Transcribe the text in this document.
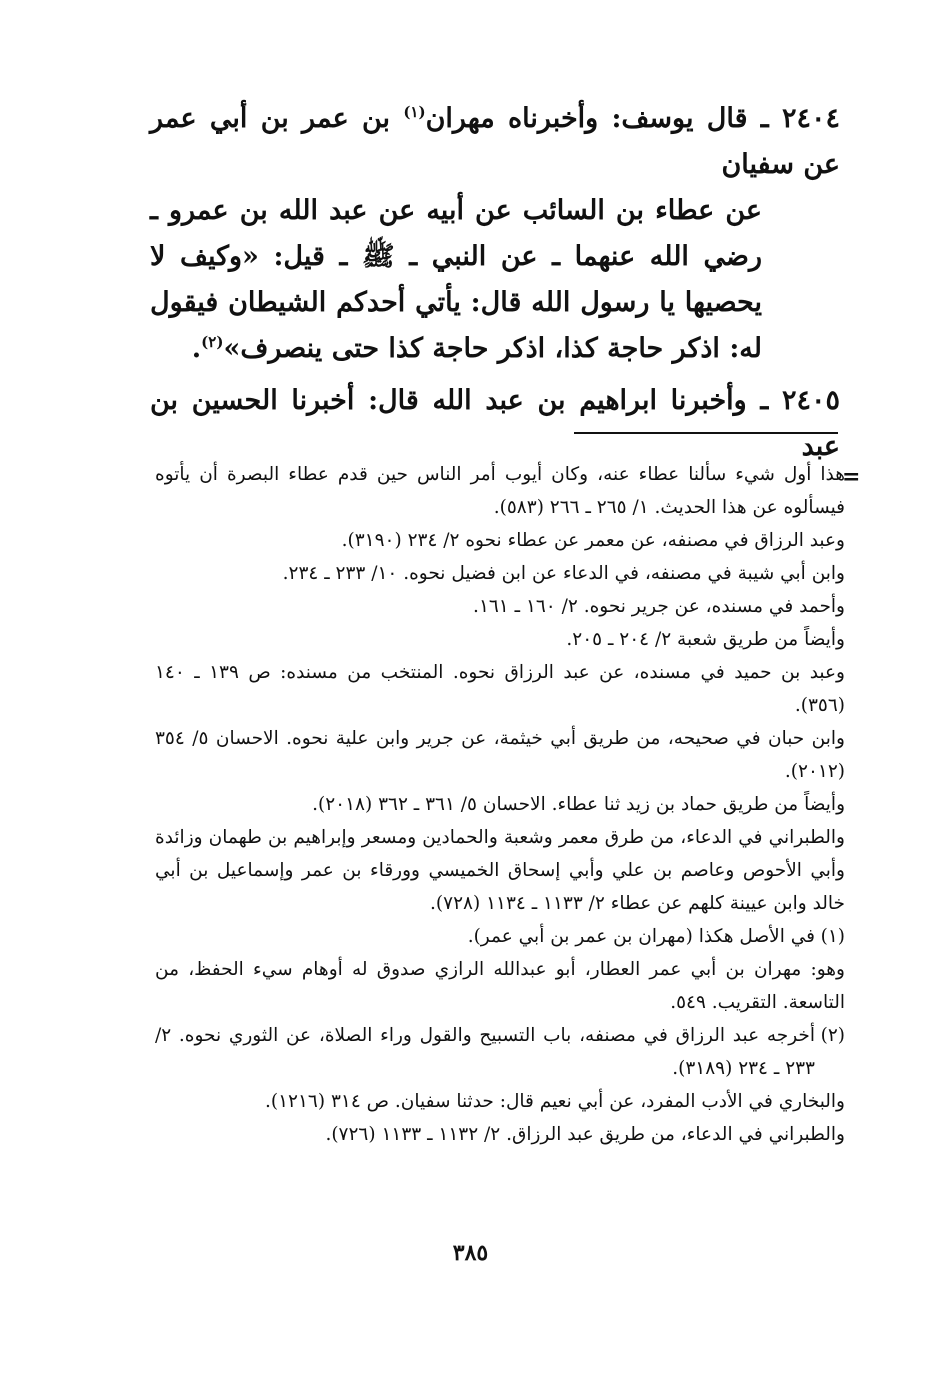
٢٤٠٤ ـ قال يوسف: وأخبرناه مهران$^{(١)}$ بن عمر بن أبي عمر عن سفيان
عن عطاء بن السائب عن أبيه عن عبد الله بن عمرو ـ رضي الله عنهما ـ عن النبي ـ ﷺ ـ قيل: «وكيف لا يحصيها يا رسول الله قال: يأتي أحدكم الشيطان فيقول له: اذكر حاجة كذا، اذكر حاجة كذا حتى ينصرف»$^{(٢)}$.

٢٤٠٥ ـ وأخبرنا ابراهيم بن عبد الله قال: أخبرنا الحسين بن عبد

=
هذا أول شيء سألنا عطاء عنه، وكان أيوب أمر الناس حين قدم عطاء البصرة أن يأتوه فيسألوه عن هذا الحديث. ١/ ٢٦٥ ـ ٢٦٦ (٥٨٣).
وعبد الرزاق في مصنفه، عن معمر عن عطاء نحوه ٢/ ٢٣٤ (٣١٩٠).
وابن أبي شيبة في مصنفه، في الدعاء عن ابن فضيل نحوه. ١٠/ ٢٣٣ ـ ٢٣٤.
وأحمد في مسنده، عن جرير نحوه. ٢/ ١٦٠ ـ ١٦١.
وأيضاً من طريق شعبة ٢/ ٢٠٤ ـ ٢٠٥.
وعبد بن حميد في مسنده، عن عبد الرزاق نحوه. المنتخب من مسنده: ص ١٣٩ ـ ١٤٠ (٣٥٦).
وابن حبان في صحيحه، من طريق أبي خيثمة، عن جرير وابن علية نحوه. الاحسان ٥/ ٣٥٤ (٢٠١٢).
وأيضاً من طريق حماد بن زيد ثنا عطاء. الاحسان ٥/ ٣٦١ ـ ٣٦٢ (٢٠١٨).
والطبراني في الدعاء، من طرق معمر وشعبة والحمادين ومسعر وإبراهيم بن طهمان وزائدة وأبي الأحوص وعاصم بن علي وأبي إسحاق الخميسي وورقاء بن عمر وإسماعيل بن أبي خالد وابن عيينة كلهم عن عطاء ٢/ ١١٣٣ ـ ١١٣٤ (٧٢٨).
(١)
في الأصل هكذا (مهران بن عمر بن أبي عمر).
وهو: مهران بن أبي عمر العطار، أبو عبدالله الرازي صدوق له أوهام سيء الحفظ، من التاسعة. التقريب. ٥٤٩.
(٢)
أخرجه عبد الرزاق في مصنفه، باب التسبيح والقول وراء الصلاة، عن الثوري نحوه. ٢/ ٢٣٣ ـ ٢٣٤ (٣١٨٩).
والبخاري في الأدب المفرد، عن أبي نعيم قال: حدثنا سفيان. ص ٣١٤ (١٢١٦).
والطبراني في الدعاء، من طريق عبد الرزاق. ٢/ ١١٣٢ ـ ١١٣٣ (٧٢٦).
٣٨٥
